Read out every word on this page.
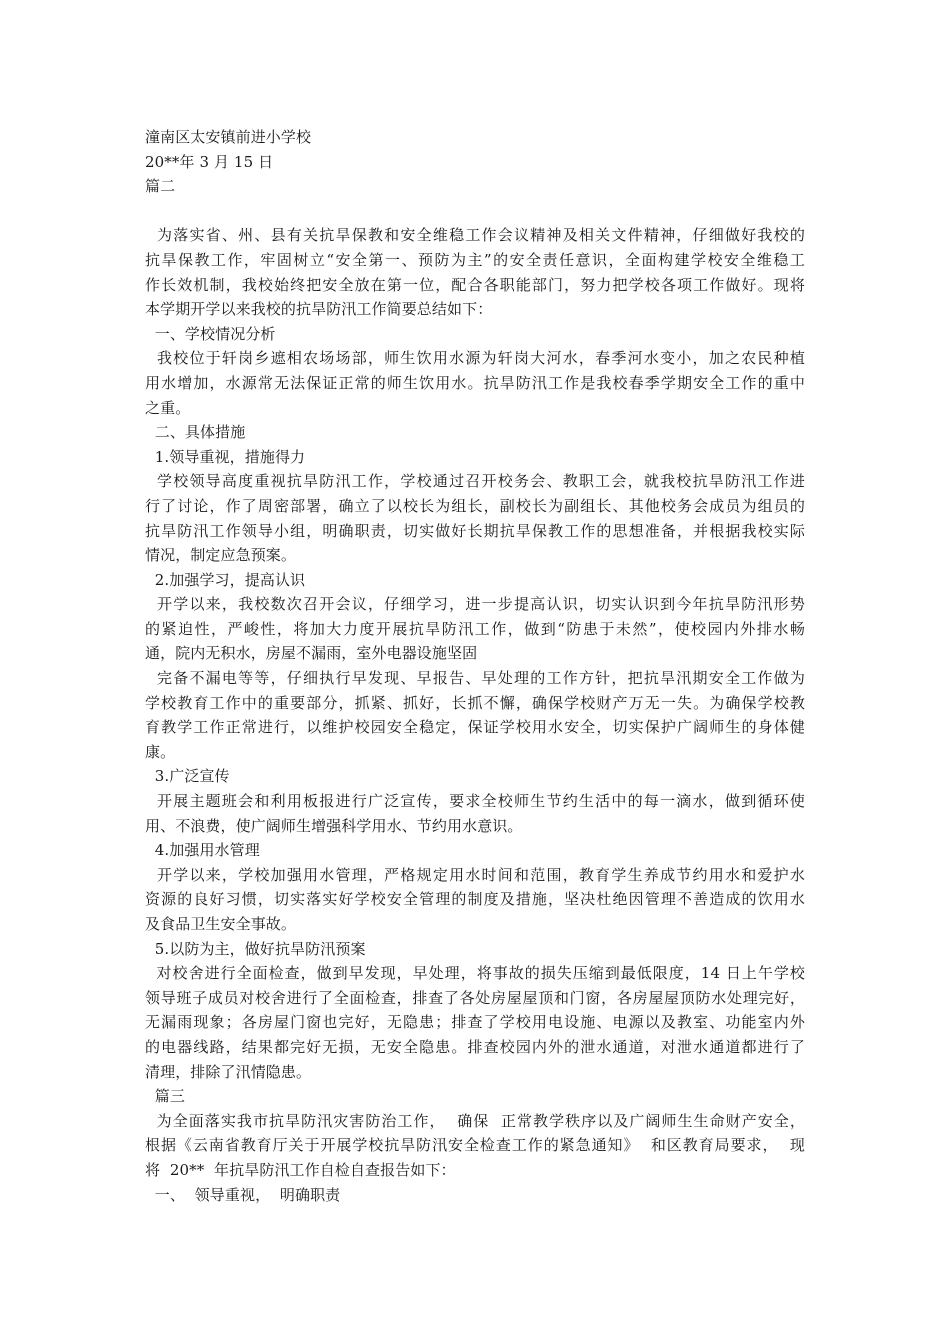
潼南区太安镇前进小学校
20**年 3 月 15 日
篇二
为落实省、州、县有关抗旱保教和安全维稳工作会议精神及相关文件精神，仔细做好我校的
抗旱保教工作，牢固树立“安全第一、预防为主”的安全责任意识，全面构建学校安全维稳工
作长效机制，我校始终把安全放在第一位，配合各职能部门，努力把学校各项工作做好。现将
本学期开学以来我校的抗旱防汛工作简要总结如下：
一、学校情况分析
我校位于轩岗乡遮相农场场部，师生饮用水源为轩岗大河水，春季河水变小，加之农民种植
用水增加，水源常无法保证正常的师生饮用水。抗旱防汛工作是我校春季学期安全工作的重中
之重。
二、具体措施
1.领导重视，措施得力
学校领导高度重视抗旱防汛工作，学校通过召开校务会、教职工会，就我校抗旱防汛工作进
行了讨论，作了周密部署，确立了以校长为组长，副校长为副组长、其他校务会成员为组员的
抗旱防汛工作领导小组，明确职责，切实做好长期抗旱保教工作的思想准备，并根据我校实际
情况，制定应急预案。
2.加强学习，提高认识
开学以来，我校数次召开会议，仔细学习，进一步提高认识，切实认识到今年抗旱防汛形势
的紧迫性，严峻性，将加大力度开展抗旱防汛工作，做到“防患于未然”，使校园内外排水畅
通，院内无积水，房屋不漏雨，室外电器设施坚固
完备不漏电等等，仔细执行早发现、早报告、早处理的工作方针，把抗旱汛期安全工作做为
学校教育工作中的重要部分，抓紧、抓好，长抓不懈，确保学校财产万无一失。为确保学校教
育教学工作正常进行，以维护校园安全稳定，保证学校用水安全，切实保护广阔师生的身体健
康。
3.广泛宣传
开展主题班会和利用板报进行广泛宣传，要求全校师生节约生活中的每一滴水，做到循环使
用、不浪费，使广阔师生增强科学用水、节约用水意识。
4.加强用水管理
开学以来，学校加强用水管理，严格规定用水时间和范围，教育学生养成节约用水和爱护水
资源的良好习惯，切实落实好学校安全管理的制度及措施，坚决杜绝因管理不善造成的饮用水
及食品卫生安全事故。
5.以防为主，做好抗旱防汛预案
对校舍进行全面检查，做到早发现，早处理，将事故的损失压缩到最低限度，14 日上午学校
领导班子成员对校舍进行了全面检查，排查了各处房屋屋顶和门窗，各房屋屋顶防水处理完好，
无漏雨现象；各房屋门窗也完好，无隐患；排查了学校用电设施、电源以及教室、功能室内外
的电器线路，结果都完好无损，无安全隐患。排查校园内外的泄水通道，对泄水通道都进行了
清理，排除了汛情隐患。
篇三
为全面落实我市抗旱防汛灾害防治工作，  确保  正常教学秩序以及广阔师生生命财产安全，
根据《云南省教育厅关于开展学校抗旱防汛安全检查工作的紧急通知》  和区教育局要求，  现
将  20**  年抗旱防汛工作自检自查报告如下：
一、  领导重视，  明确职责
